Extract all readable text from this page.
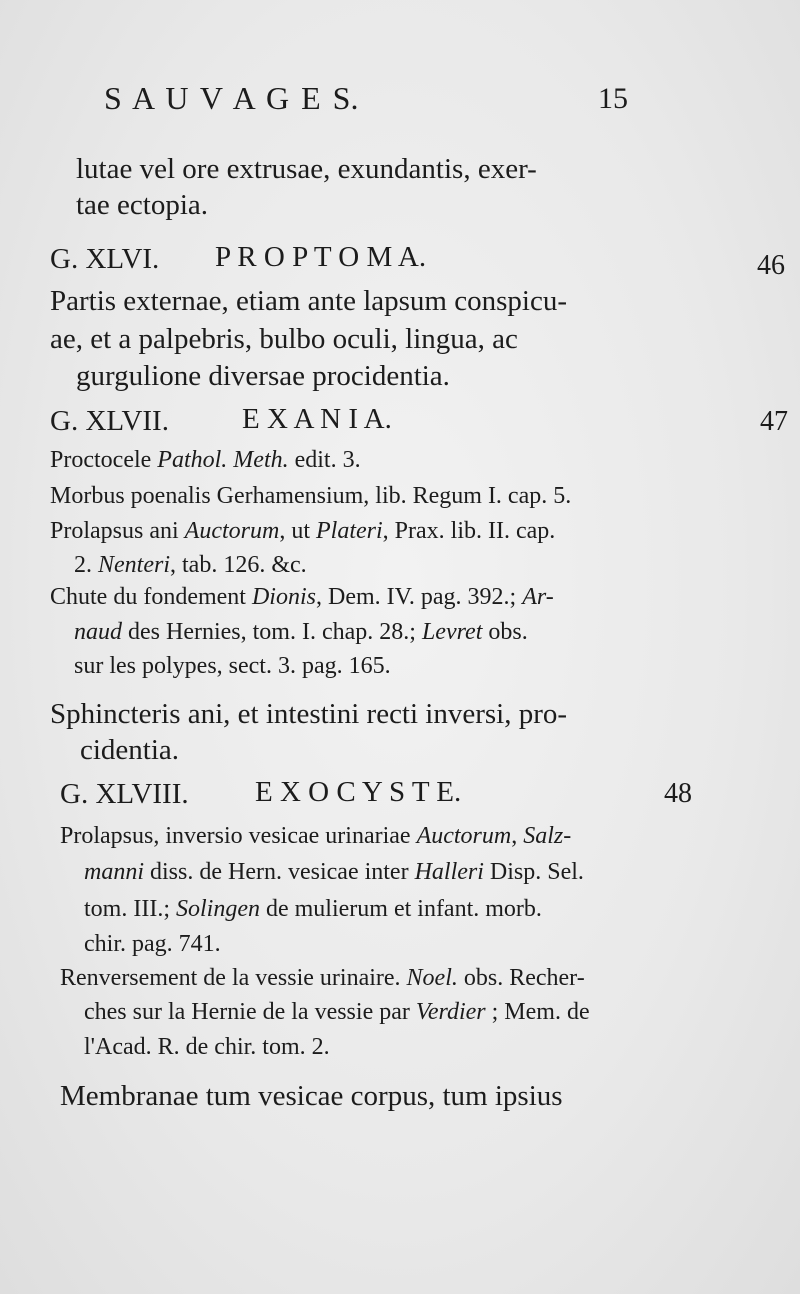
S A U V A G E S.	15
lutae vel ore extrusae, exundantis, exer-
tae ectopia.
G. XLVI. P R O P T O M A.	46
Partis externae, etiam ante lapsum conspicu-
ae, et a palpebris, bulbo oculi, lingua, ac
gurgulione diversae procidentia.
G. XLVII.	E X A N I A.	47
Proctocele Pathol. Meth. edit. 3.
Morbus poenalis Gerhamensium, lib. Regum I. cap. 5.
Prolapsus ani Auctorum, ut Plateri, Prax. lib. II. cap.
2. Nenteri, tab. 126. &c.
Chute du fondement Dionis, Dem. IV. pag. 392.; Ar-
naud des Hernies, tom. I. chap. 28.; Levret obs.
sur les polypes, sect. 3. pag. 165.
Sphincteris ani, et intestini recti inversi, pro-
cidentia.
G. XLVIII. E X O C Y S T E.	48
Prolapsus, inversio vesicae urinariae Auctorum, Salz-
manni diss. de Hern. vesicae inter Halleri Disp. Sel.
tom. III.; Solingen de mulierum et infant. morb.
chir. pag. 741.
Renversement de la vessie urinaire. Noel. obs. Recher-
ches sur la Hernie de la vessie par Verdier ; Mem. de
l'Acad. R. de chir. tom. 2.
Membranae tum vesicae corpus, tum ipsius
